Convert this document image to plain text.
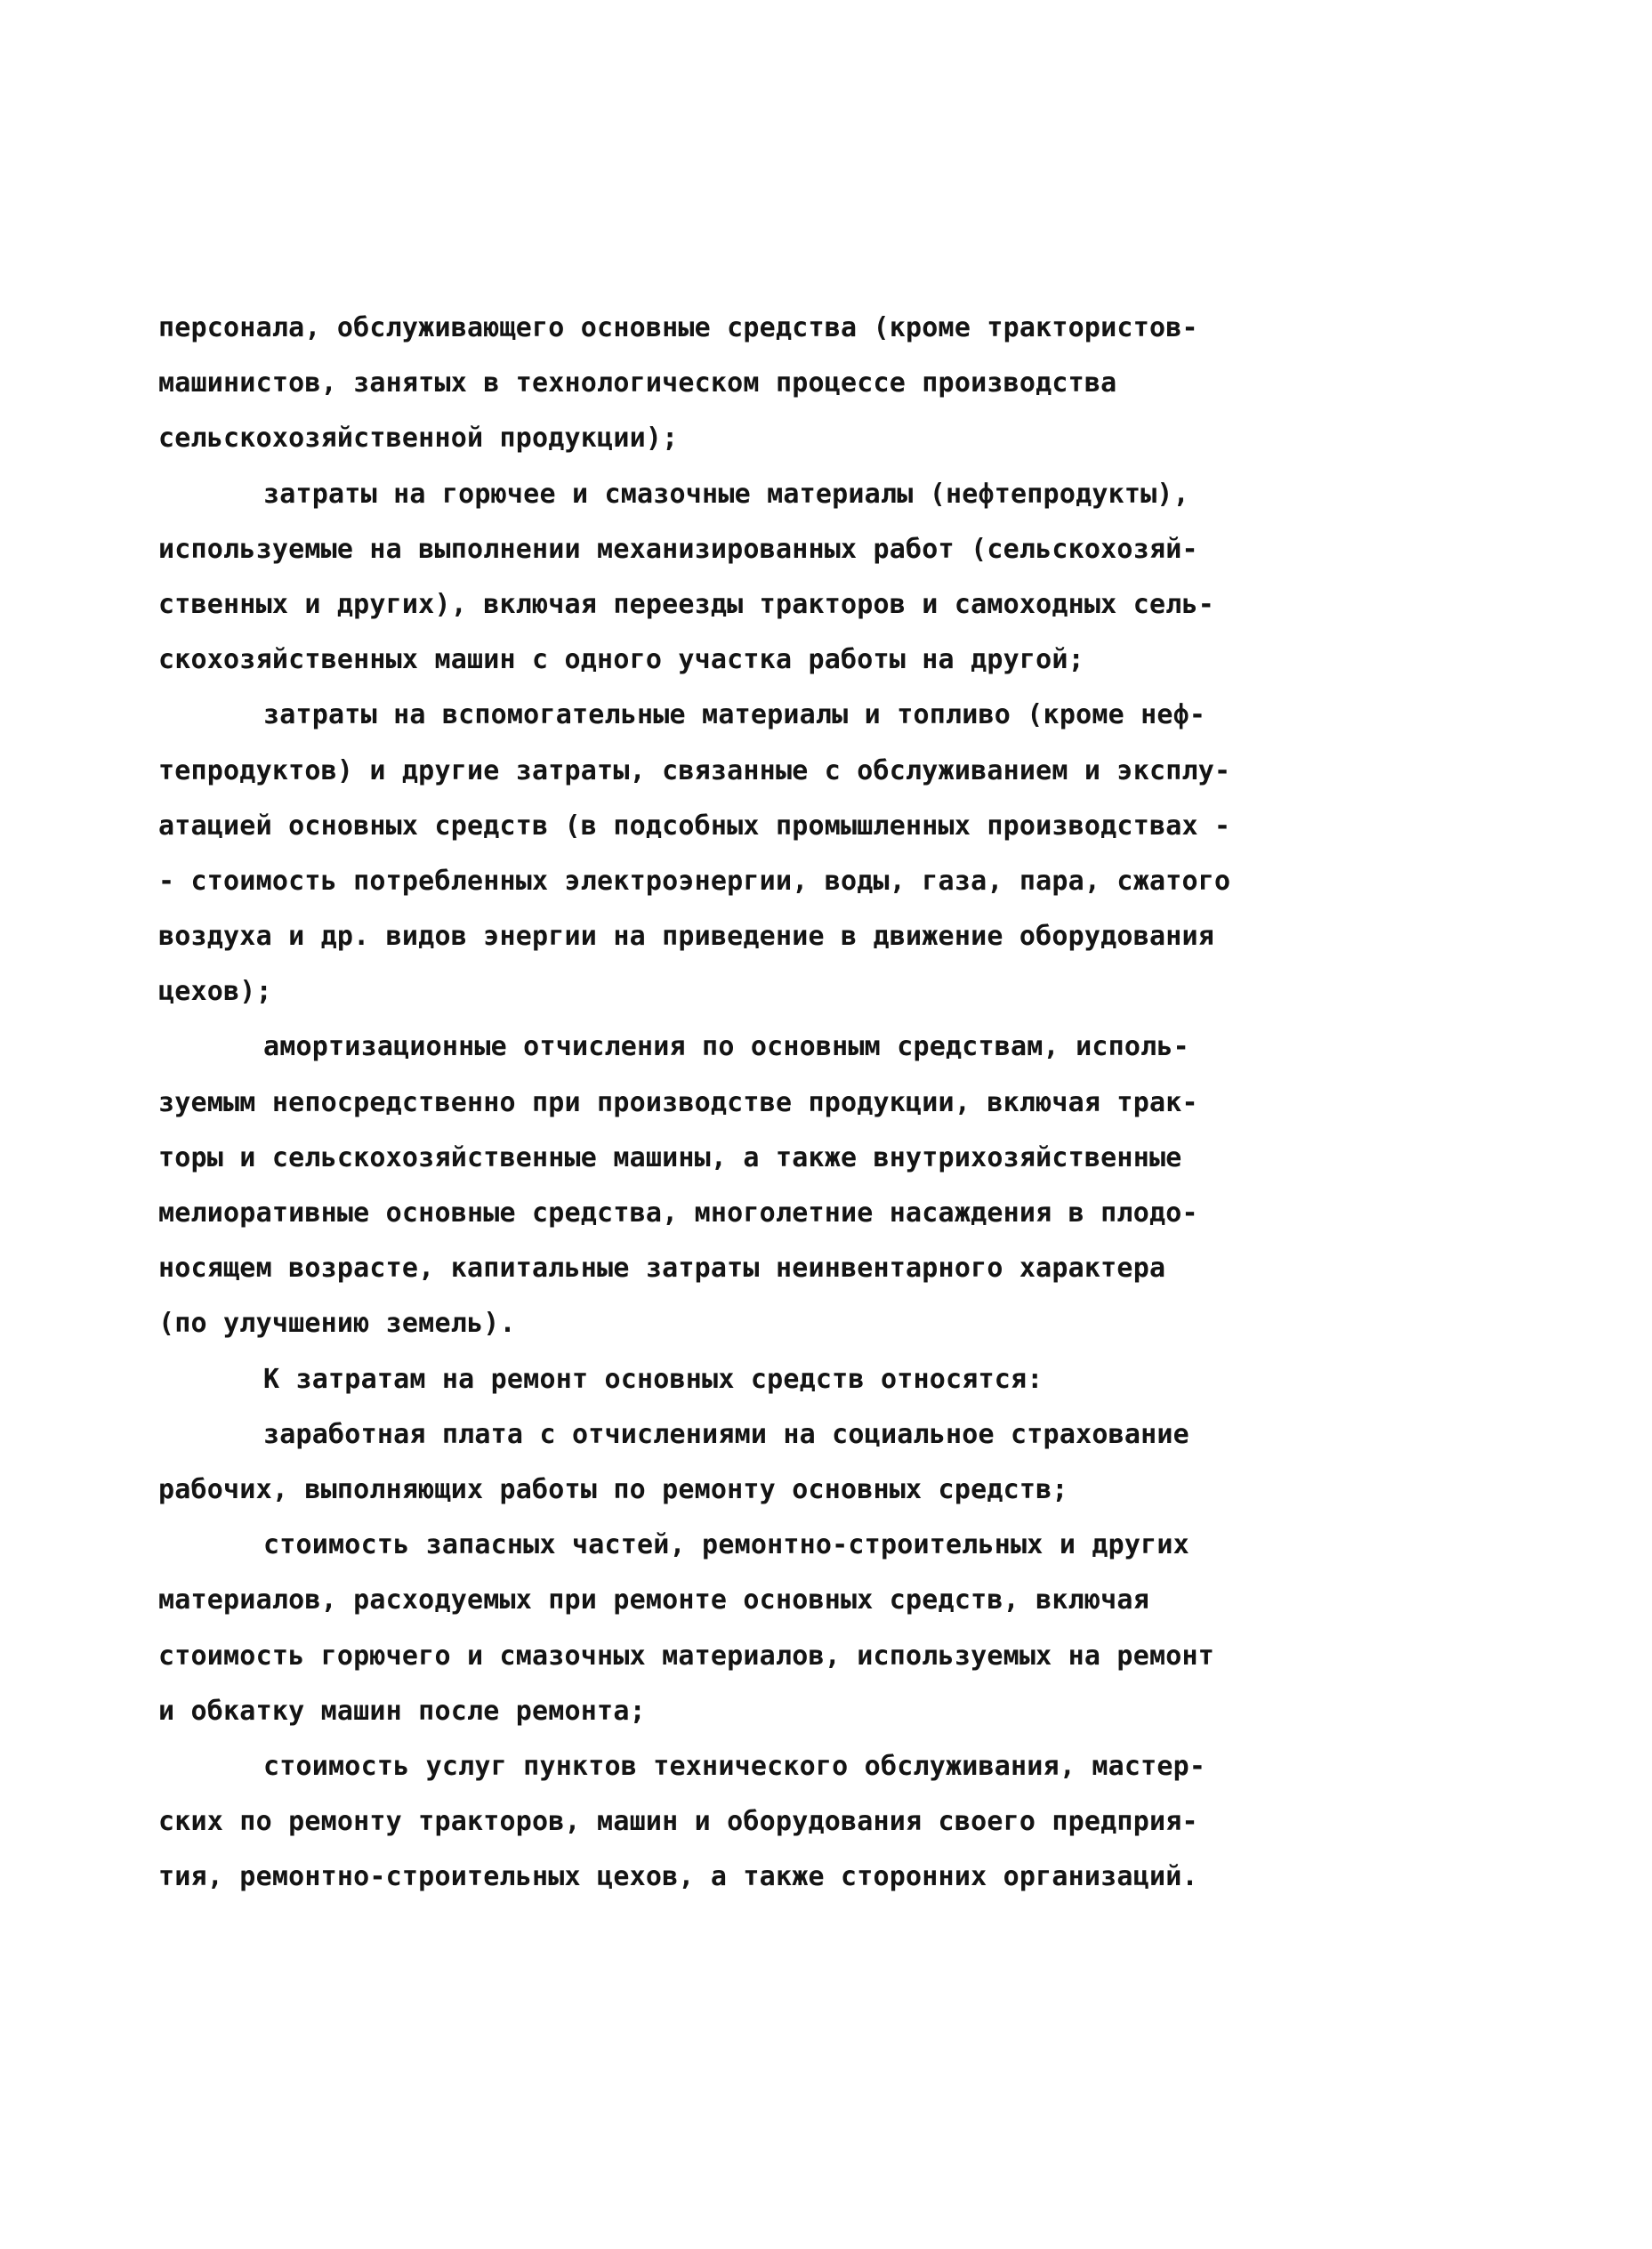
персонала, обслуживающего основные средства (кроме трактористов-
машинистов, занятых в технологическом процессе производства
сельскохозяйственной продукции);
затраты на горючее и смазочные материалы (нефтепродукты),
используемые на выполнении механизированных работ (сельскохозяй-
ственных и других), включая переезды тракторов и самоходных сель-
скохозяйственных машин с одного участка работы на другой;
затраты на вспомогательные материалы и топливо (кроме неф-
тепродуктов) и другие затраты, связанные с обслуживанием и эксплу-
атацией основных средств (в подсобных промышленных производствах -
- стоимость потребленных электроэнергии, воды, газа, пара, сжатого
воздуха и др. видов энергии на приведение в движение оборудования
цехов);
амортизационные отчисления по основным средствам, исполь-
зуемым непосредственно при производстве продукции, включая трак-
торы и сельскохозяйственные машины, а также внутрихозяйственные
мелиоративные основные средства, многолетние насаждения в плодо-
носящем возрасте, капитальные затраты неинвентарного характера
(по улучшению земель).
К затратам на ремонт основных средств относятся:
заработная плата с отчислениями на социальное страхование
рабочих, выполняющих работы по ремонту основных средств;
стоимость запасных частей, ремонтно-строительных и других
материалов, расходуемых при ремонте основных средств, включая
стоимость горючего и смазочных материалов, используемых на ремонт
и обкатку машин после ремонта;
стоимость услуг пунктов технического обслуживания, мастер-
ских по ремонту тракторов, машин и оборудования своего предприя-
тия, ремонтно-строительных цехов, а также сторонних организаций.
